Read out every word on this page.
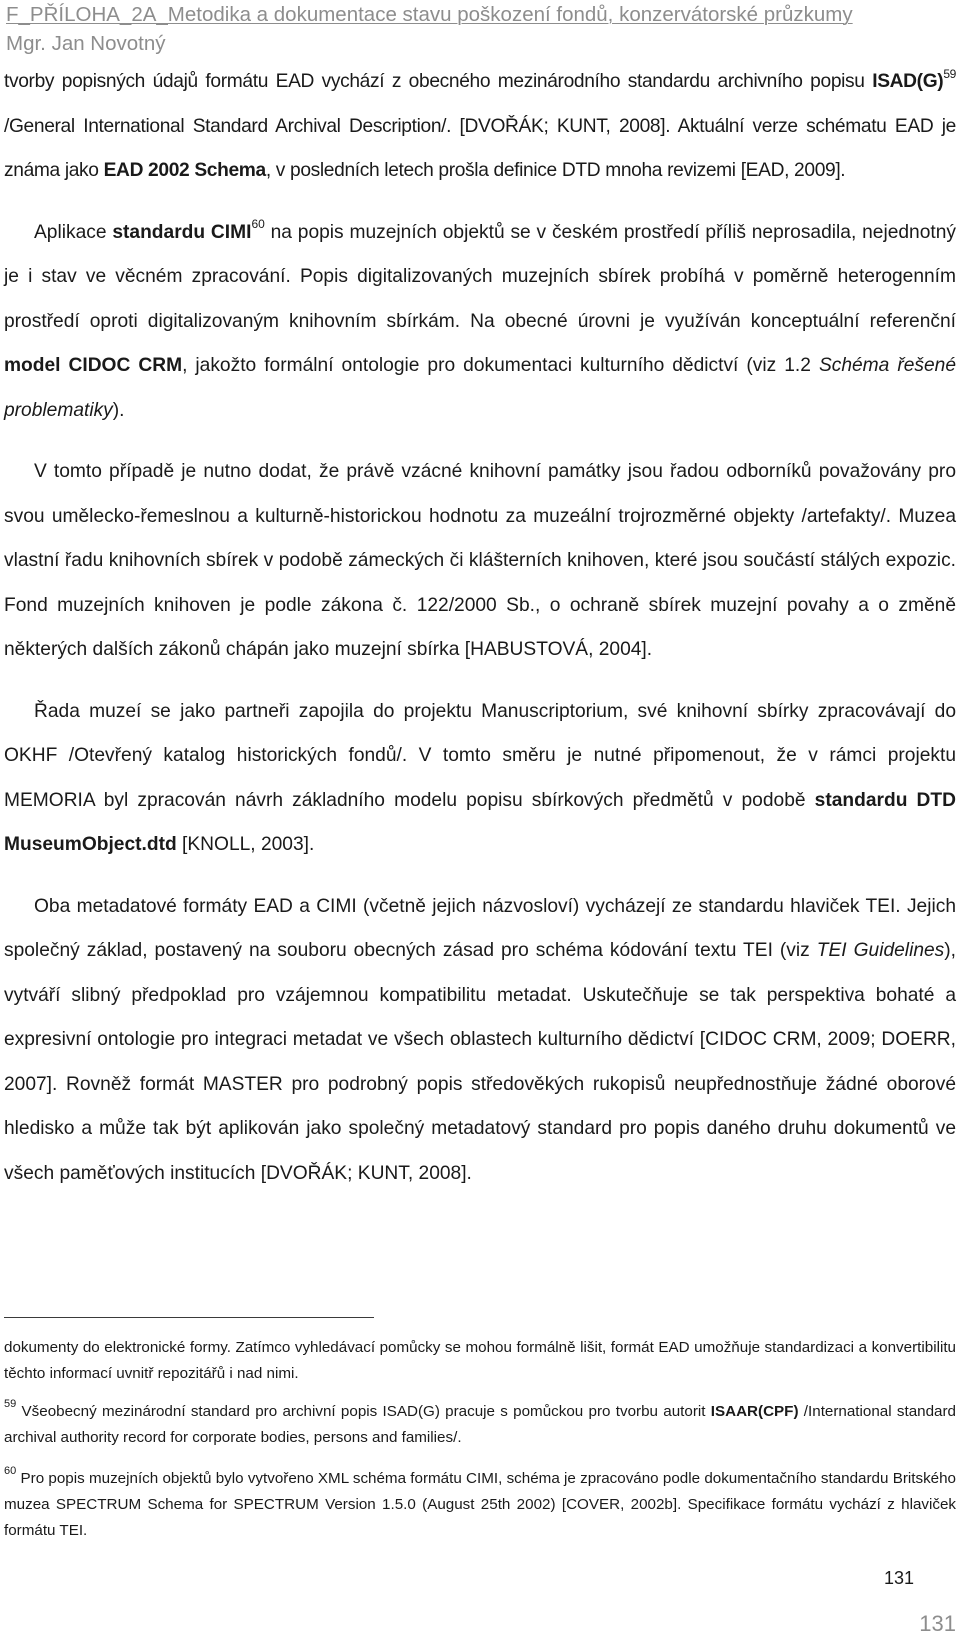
F_PŘÍLOHA_2A_Metodika a dokumentace stavu poškození fondů, konzervátorské průzkumy
Mgr. Jan Novotný

tvorby popisných údajů formátu EAD vychází z obecného mezinárodního standardu archivního popisu $ISAD(G)^{59}$ /General International Standard Archival Description/. [DVOŘÁK; KUNT, 2008]. Aktuální verze schématu EAD je známa jako EAD 2002 Schema, v posledních letech prošla definice DTD mnoha revizemi [EAD, 2009].

Aplikace standardu CIMI$^{60}$ na popis muzejních objektů se v českém prostředí příliš neprosadila, nejednotný je i stav ve věcném zpracování. Popis digitalizovaných muzejních sbírek probíhá v poměrně heterogenním prostředí oproti digitalizovaným knihovním sbírkám. Na obecné úrovni je využíván konceptuální referenční model CIDOC CRM, jakožto formální ontologie pro dokumentaci kulturního dědictví (viz 1.2 Schéma řešené problematiky).

V tomto případě je nutno dodat, že právě vzácné knihovní památky jsou řadou odborníků považovány pro svou umělecko-řemeslnou a kulturně-historickou hodnotu za muzeální trojrozměrné objekty /artefakty/. Muzea vlastní řadu knihovních sbírek v podobě zámeckých či klášterních knihoven, které jsou součástí stálých expozic. Fond muzejních knihoven je podle zákona č. 122/2000 Sb., o ochraně sbírek muzejní povahy a o změně některých dalších zákonů chápán jako muzejní sbírka [HABUSTOVÁ, 2004].

Řada muzeí se jako partneři zapojila do projektu Manuscriptorium, své knihovní sbírky zpracovávají do OKHF /Otevřený katalog historických fondů/. V tomto směru je nutné připomenout, že v rámci projektu MEMORIA byl zpracován návrh základního modelu popisu sbírkových předmětů v podobě standardu DTD MuseumObject.dtd [KNOLL, 2003].

Oba metadatové formáty EAD a CIMI (včetně jejich názvosloví) vycházejí ze standardu hlaviček TEI. Jejich společný základ, postavený na souboru obecných zásad pro schéma kódování textu TEI (viz TEI Guidelines), vytváří slibný předpoklad pro vzájemnou kompatibilitu metadat. Uskutečňuje se tak perspektiva bohaté a expresivní ontologie pro integraci metadat ve všech oblastech kulturního dědictví [CIDOC CRM, 2009; DOERR, 2007]. Rovněž formát MASTER pro podrobný popis středověkých rukopisů neupřednostňuje žádné oborové hledisko a může tak být aplikován jako společný metadatový standard pro popis daného druhu dokumentů ve všech paměťových institucích [DVOŘÁK; KUNT, 2008].

dokumenty do elektronické formy. Zatímco vyhledávací pomůcky se mohou formálně lišit, formát EAD umožňuje standardizaci a konvertibilitu těchto informací uvnitř repozitářů i nad nimi.

$^{59}$ Všeobecný mezinárodní standard pro archivní popis ISAD(G) pracuje s pomůckou pro tvorbu autorit ISAAR(CPF) /International standard archival authority record for corporate bodies, persons and families/.

$^{60}$ Pro popis muzejních objektů bylo vytvořeno XML schéma formátu CIMI, schéma je zpracováno podle dokumentačního standardu Britského muzea SPECTRUM Schema for SPECTRUM Version 1.5.0 (August 25th 2002) [COVER, 2002b]. Specifikace formátu vychází z hlaviček formátu TEI.

131
131
